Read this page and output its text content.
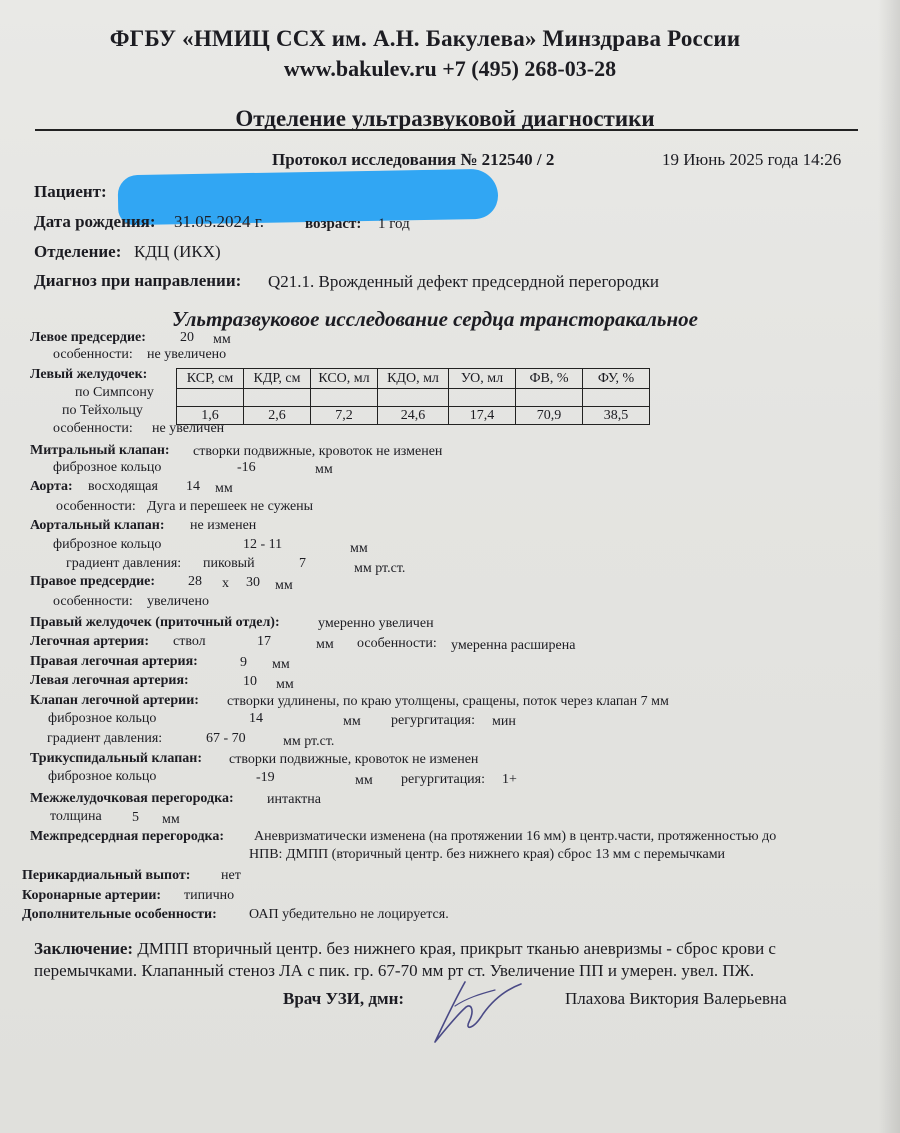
ФГБУ «НМИЦ ССХ им. А.Н. Бакулева» Минздрава России
www.bakulev.ru +7 (495) 268-03-28
Отделение ультразвуковой диагностики
Протокол исследования № 212540 / 2	19 Июнь 2025 года 14:26
Пациент:
Дата рождения: 31.05.2024 г.	возраст: 1 год
Отделение: КДЦ (ИКХ)
Диагноз при направлении: Q21.1. Врожденный дефект предсердной перегородки
Ультразвуковое исследование сердца трансторакальное
Левое предсердие: 20 мм
особенности: не увеличено
Левый желудочек:
по Симпсону
по Тейхольцу
КСР, см	КДР, см	КСО, мл	КДО, мл	УО, мл	ФВ, %	ФУ, %

1,6	2,6	7,2	24,6	17,4	70,9	38,5
особенности: не увеличен
Митральный клапан: створки подвижные, кровоток не изменен
фиброзное кольцо	-16	мм
Аорта: восходящая 14 мм
особенности: Дуга и перешеек не сужены
Аортальный клапан: не изменен
фиброзное кольцо	12 - 11	мм
градиент давления: пиковый	7	мм рт.ст.
Правое предсердие: 28 x 30 мм
особенности: увеличено
Правый желудочек (приточный отдел):	умеренно увеличен
Легочная артерия: ствол	17	мм особенности: умеренна расширена
Правая легочная артерия:	9 мм
Левая легочная артерия:	10 мм
Клапан легочной артерии: створки удлинены, по краю утолщены, сращены, поток через клапан 7 мм
фиброзное кольцо	14	мм регургитация: мин
градиент давления:	67 - 70	мм рт.ст.
Трикуспидальный клапан: створки подвижные, кровоток не изменен
фиброзное кольцо	-19	мм регургитация: 1+
Межжелудочковая перегородка: интактна
толщина 5 мм
Межпредсердная перегородка: Аневризматически изменена (на протяжении 16 мм) в центр.части, протяженностью до
НПВ: ДМПП (вторичный центр. без нижнего края) сброс 13 мм с перемычками
Перикардиальный выпот: нет
Коронарные артерии: типично
Дополнительные особенности: ОАП убедительно не лоцируется.
Заключение: ДМПП вторичный центр. без нижнего края, прикрыт тканью аневризмы - сброс крови с перемычками. Клапанный стеноз ЛА с пик. гр. 67-70 мм рт ст. Увеличение ПП и умерен. увел. ПЖ.
Врач УЗИ, дмн:	Плахова Виктория Валерьевна
